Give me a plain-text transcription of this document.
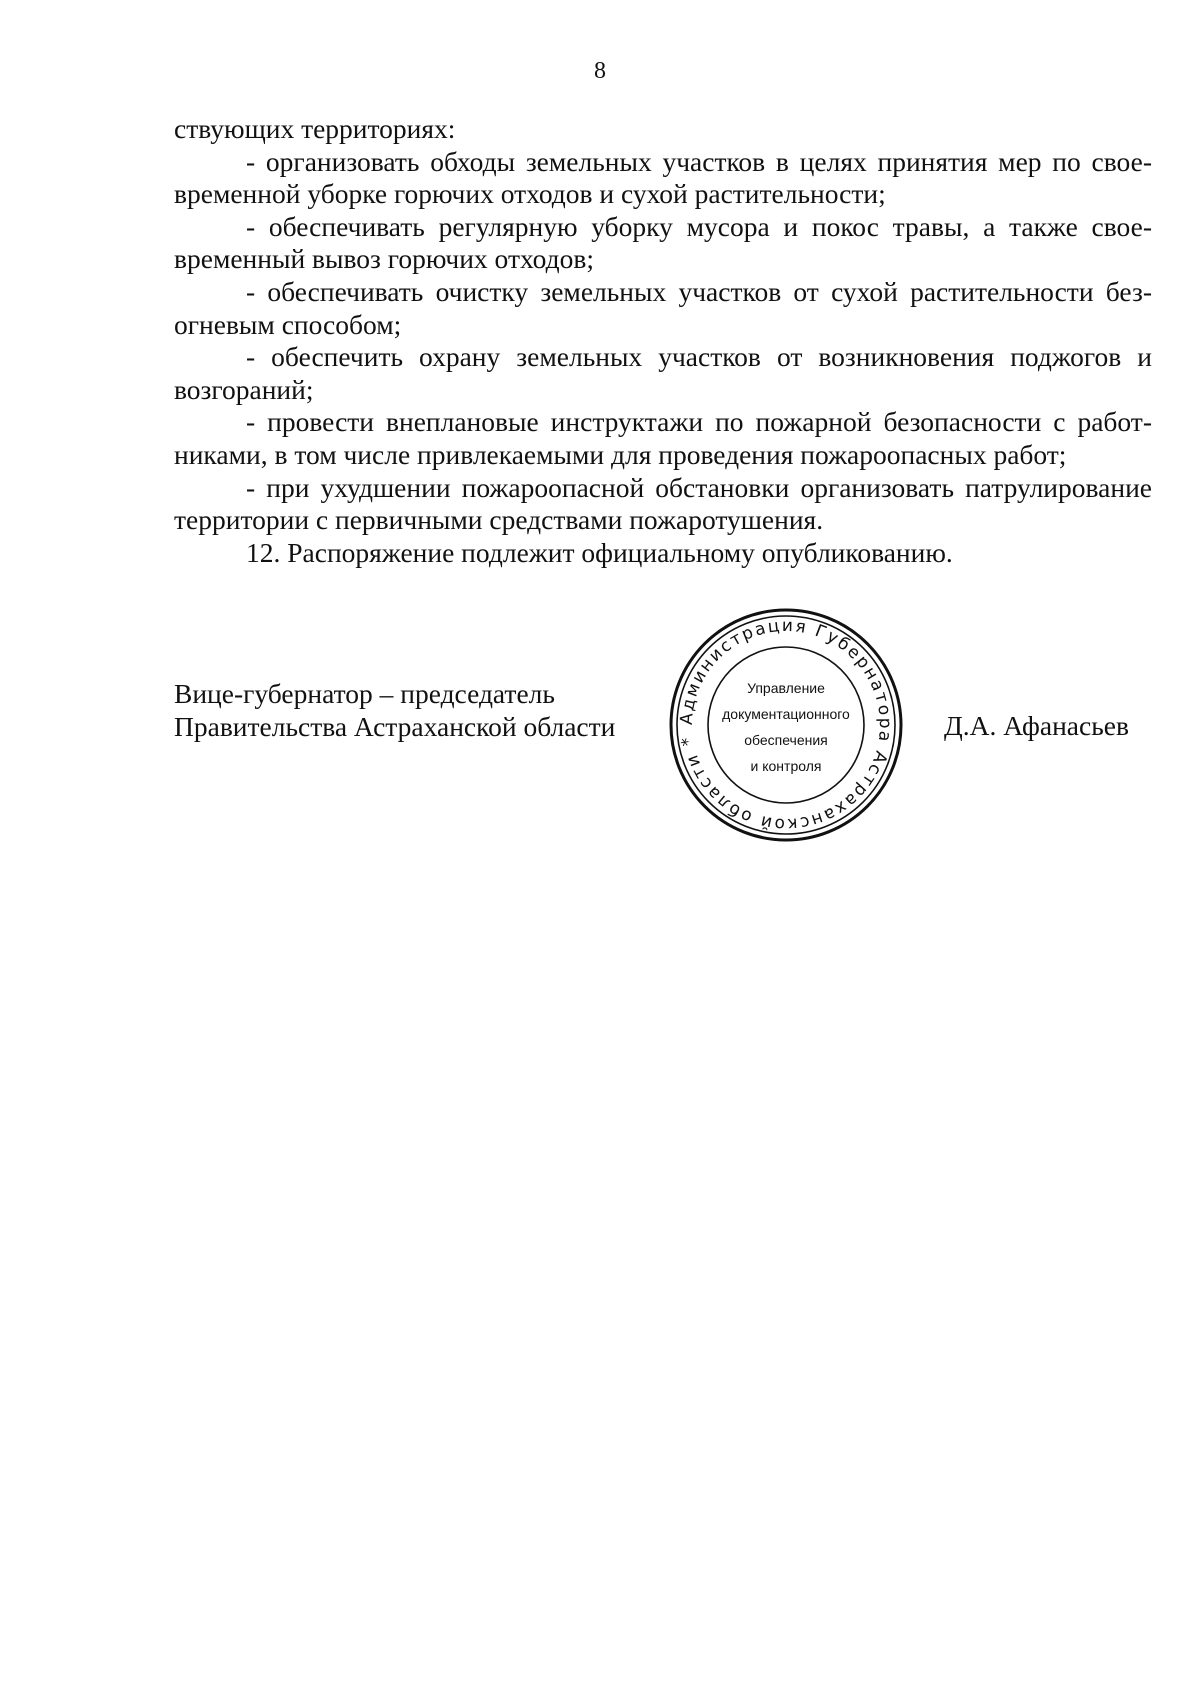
8

ствующих территориях:

- организовать обходы земельных участков в целях принятия мер по своевременной уборке горючих отходов и сухой растительности;

- обеспечивать регулярную уборку мусора и покос травы, а также своевременный вывоз горючих отходов;

- обеспечивать очистку земельных участков от сухой растительности безогневым способом;

- обеспечить охрану земельных участков от возникновения поджогов и возгораний;

- провести внеплановые инструктажи по пожарной безопасности с работниками, в том числе привлекаемыми для проведения пожароопасных работ;

- при ухудшении пожароопасной обстановки организовать патрулирование территории с первичными средствами пожаротушения.

12. Распоряжение подлежит официальному опубликованию.

Вице-губернатор – председатель
Правительства Астраханской области	Д.А. Афанасьев
Администрация Губернатора Астраханской области *
Управление
документационного
обеспечения
и контроля
